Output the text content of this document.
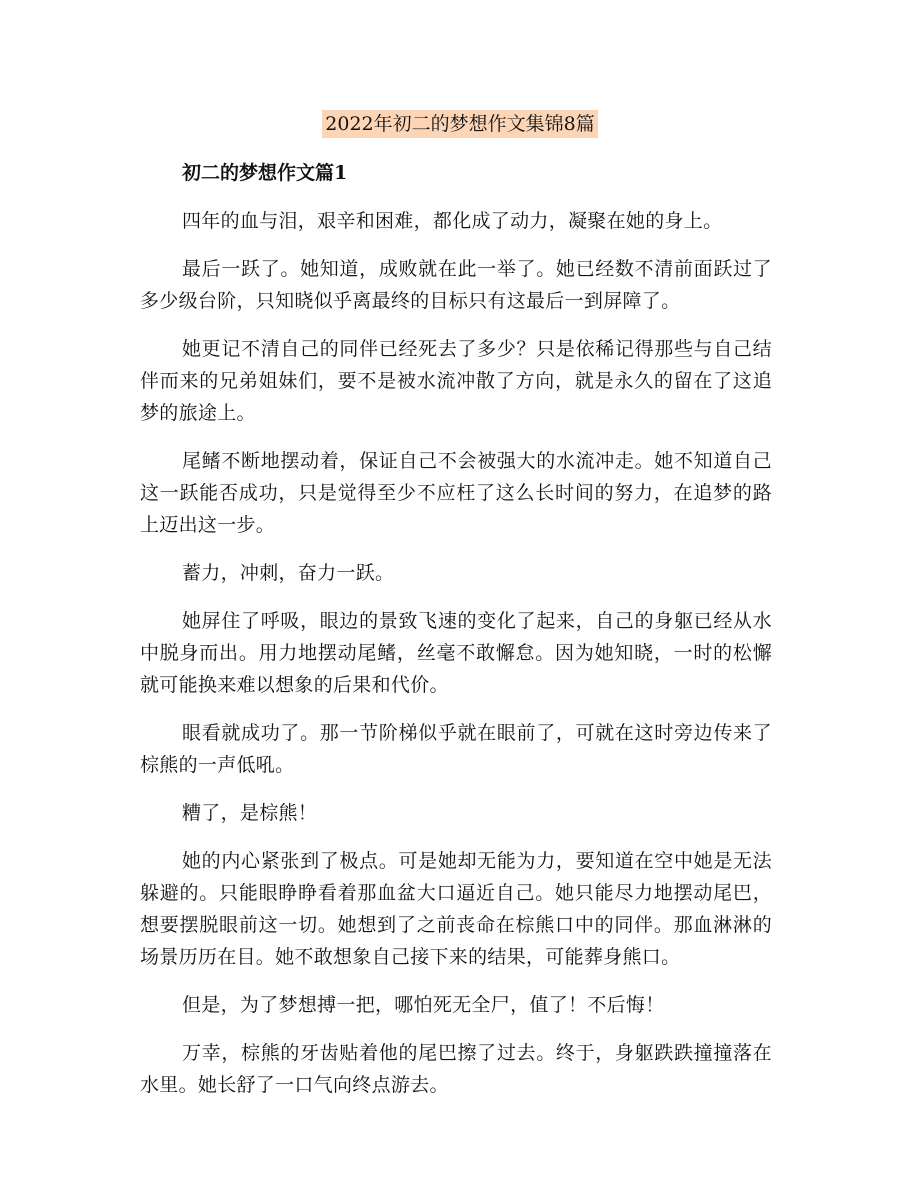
2022年初二的梦想作文集锦8篇
初二的梦想作文篇1

四年的血与泪，艰辛和困难，都化成了动力，凝聚在她的身上。

最后一跃了。她知道，成败就在此一举了。她已经数不清前面跃过了多少级台阶，只知晓似乎离最终的目标只有这最后一到屏障了。

她更记不清自己的同伴已经死去了多少？只是依稀记得那些与自己结伴而来的兄弟姐妹们，要不是被水流冲散了方向，就是永久的留在了这追梦的旅途上。

尾鳍不断地摆动着，保证自己不会被强大的水流冲走。她不知道自己这一跃能否成功，只是觉得至少不应枉了这么长时间的努力，在追梦的路上迈出这一步。

蓄力，冲刺，奋力一跃。

她屏住了呼吸，眼边的景致飞速的变化了起来，自己的身躯已经从水中脱身而出。用力地摆动尾鳍，丝毫不敢懈怠。因为她知晓，一时的松懈就可能换来难以想象的后果和代价。

眼看就成功了。那一节阶梯似乎就在眼前了，可就在这时旁边传来了棕熊的一声低吼。

糟了，是棕熊！

她的内心紧张到了极点。可是她却无能为力，要知道在空中她是无法躲避的。只能眼睁睁看着那血盆大口逼近自己。她只能尽力地摆动尾巴，想要摆脱眼前这一切。她想到了之前丧命在棕熊口中的同伴。那血淋淋的场景历历在目。她不敢想象自己接下来的结果，可能葬身熊口。

但是，为了梦想搏一把，哪怕死无全尸，值了！不后悔！

万幸，棕熊的牙齿贴着他的尾巴擦了过去。终于，身躯跌跌撞撞落在水里。她长舒了一口气向终点游去。
